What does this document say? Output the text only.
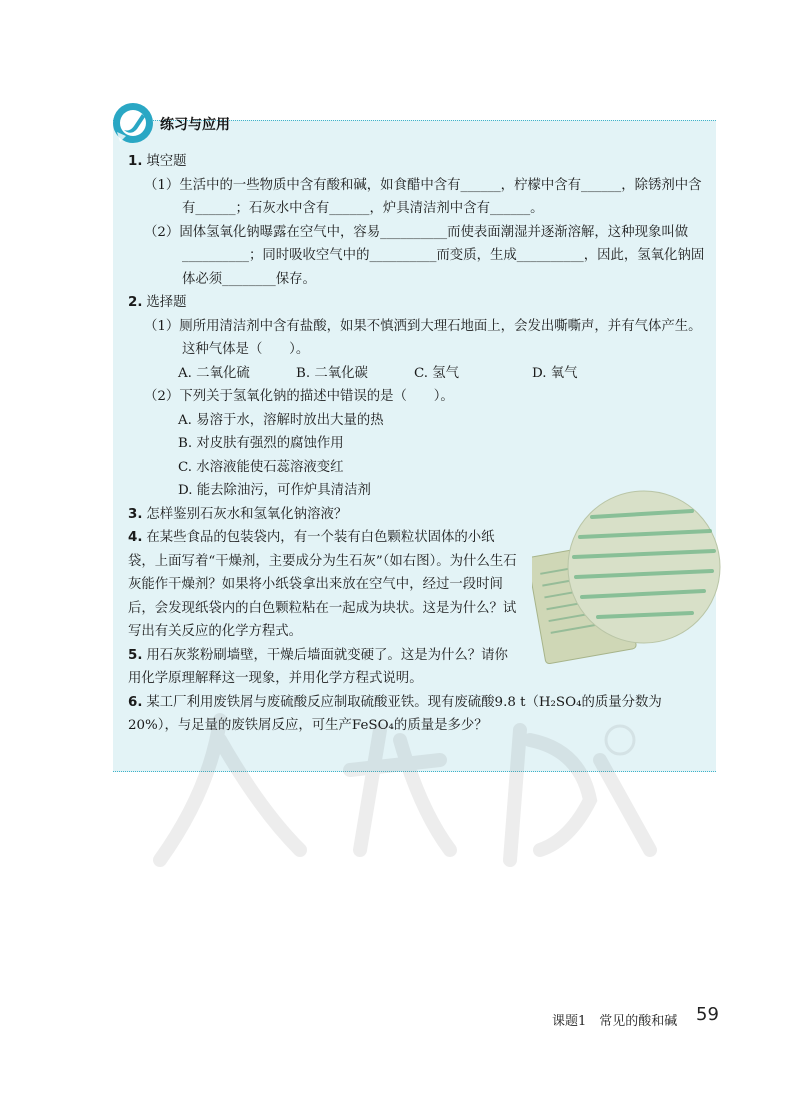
练习与应用
1. 填空题
（1）生活中的一些物质中含有酸和碱，如食醋中含有______，柠檬中含有______，除锈剂中含有______；石灰水中含有______，炉具清洁剂中含有______。
（2）固体氢氧化钠曝露在空气中，容易__________而使表面潮湿并逐渐溶解，这种现象叫做__________；同时吸收空气中的__________而变质，生成__________，因此，氢氧化钠固体必须________保存。
2. 选择题
（1）厕所用清洁剂中含有盐酸，如果不慎洒到大理石地面上，会发出嘶嘶声，并有气体产生。这种气体是（　　）。
A. 二氧化硫	B. 二氧化碳	C. 氢气	D. 氧气
（2）下列关于氢氧化钠的描述中错误的是（　　）。
A. 易溶于水，溶解时放出大量的热
B. 对皮肤有强烈的腐蚀作用
C. 水溶液能使石蕊溶液变红
D. 能去除油污，可作炉具清洁剂
3. 怎样鉴别石灰水和氢氧化钠溶液？
4. 在某些食品的包装袋内，有一个装有白色颗粒状固体的小纸袋，上面写着“干燥剂，主要成分为生石灰”（如右图）。为什么生石灰能作干燥剂？如果将小纸袋拿出来放在空气中，经过一段时间后，会发现纸袋内的白色颗粒粘在一起成为块状。这是为什么？试写出有关反应的化学方程式。
5. 用石灰浆粉刷墙壁，干燥后墙面就变硬了。这是为什么？请你用化学原理解释这一现象，并用化学方程式说明。
6. 某工厂利用废铁屑与废硫酸反应制取硫酸亚铁。现有废硫酸9.8 t（H₂SO₄的质量分数为20%），与足量的废铁屑反应，可生产FeSO₄的质量是多少？
课题1　常见的酸和碱 59
